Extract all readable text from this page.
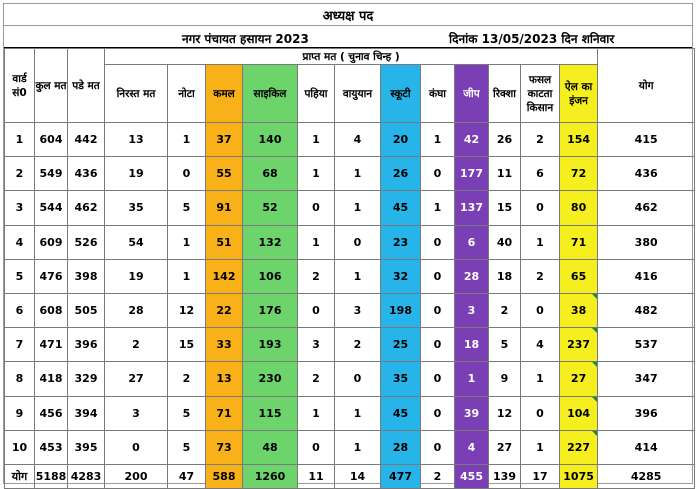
अध्यक्ष पद
नगर पंचायत हसायन 2023	दिनांक 13/05/2023 दिन शनिवार
वार्ड सं0	कुल मत	पडे मत	प्राप्त मत ( चुनाव चिन्ह )												योग
			निरस्त मत	नोटा	कमल	साइकिल	पहिया	वायुयान	स्कूटी	कंघा	जीप	रिक्शा	फसल काटता किसान	ऐल का इंजन	
1	604	442	13	1	37	140	1	4	20	1	42	26	2	154	415
2	549	436	19	0	55	68	1	1	26	0	177	11	6	72	436
3	544	462	35	5	91	52	0	1	45	1	137	15	0	80	462
4	609	526	54	1	51	132	1	0	23	0	6	40	1	71	380
5	476	398	19	1	142	106	2	1	32	0	28	18	2	65	416
6	608	505	28	12	22	176	0	3	198	0	3	2	0	38	482
7	471	396	2	15	33	193	3	2	25	0	18	5	4	237	537
8	418	329	27	2	13	230	2	0	35	0	1	9	1	27	347
9	456	394	3	5	71	115	1	1	45	0	39	12	0	104	396
10	453	395	0	5	73	48	0	1	28	0	4	27	1	227	414
योग	5188	4283	200	47	588	1260	11	14	477	2	455	139	17	1075	4285
